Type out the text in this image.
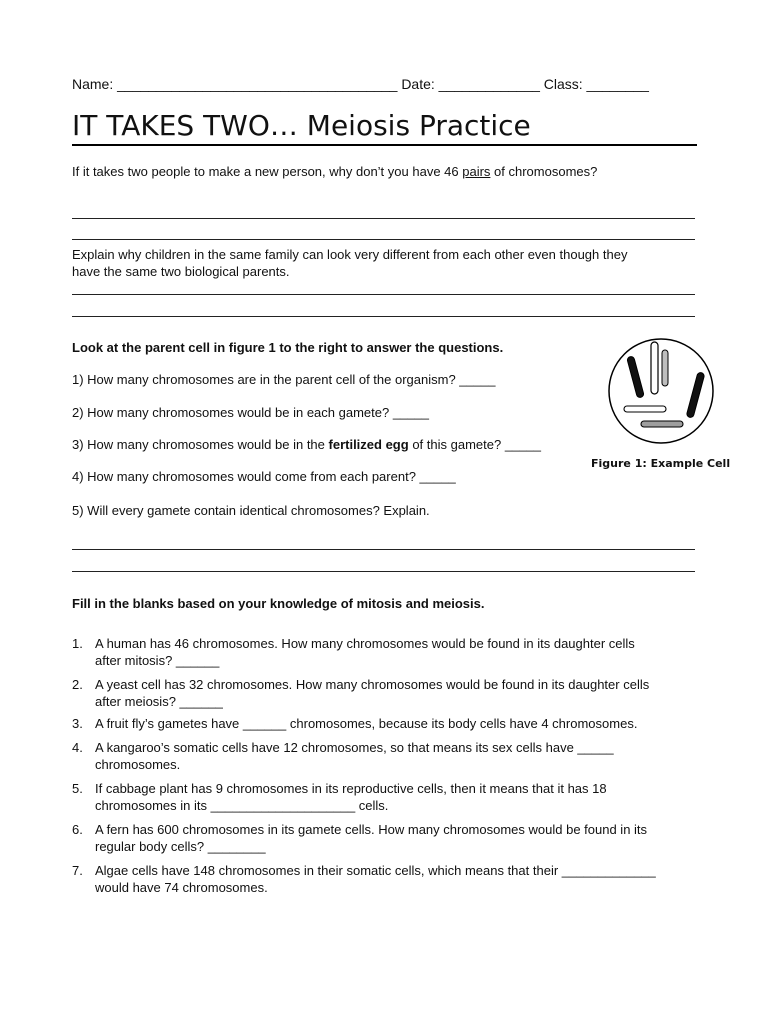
Name: ____________________________________ Date: _____________ Class: ________
IT TAKES TWO… Meiosis Practice
If it takes two people to make a new person, why don’t you have 46 pairs of chromosomes?
Explain why children in the same family can look very different from each other even though they
have the same two biological parents.
Look at the parent cell in figure 1 to the right to answer the questions.
1) How many chromosomes are in the parent cell of the organism? _____
2) How many chromosomes would be in each gamete? _____
3) How many chromosomes would be in the fertilized egg of this gamete? _____
4) How many chromosomes would come from each parent? _____
5) Will every gamete contain identical chromosomes? Explain.
Figure 1: Example Cell
Fill in the blanks based on your knowledge of mitosis and meiosis.
1. A human has 46 chromosomes. How many chromosomes would be found in its daughter cells
after mitosis? ______
2. A yeast cell has 32 chromosomes. How many chromosomes would be found in its daughter cells
after meiosis? ______
3. A fruit fly’s gametes have ______ chromosomes, because its body cells have 4 chromosomes.
4. A kangaroo’s somatic cells have 12 chromosomes, so that means its sex cells have _____
chromosomes.
5. If cabbage plant has 9 chromosomes in its reproductive cells, then it means that it has 18
chromosomes in its ____________________ cells.
6. A fern has 600 chromosomes in its gamete cells. How many chromosomes would be found in its
regular body cells? ________
7. Algae cells have 148 chromosomes in their somatic cells, which means that their _____________
would have 74 chromosomes.
